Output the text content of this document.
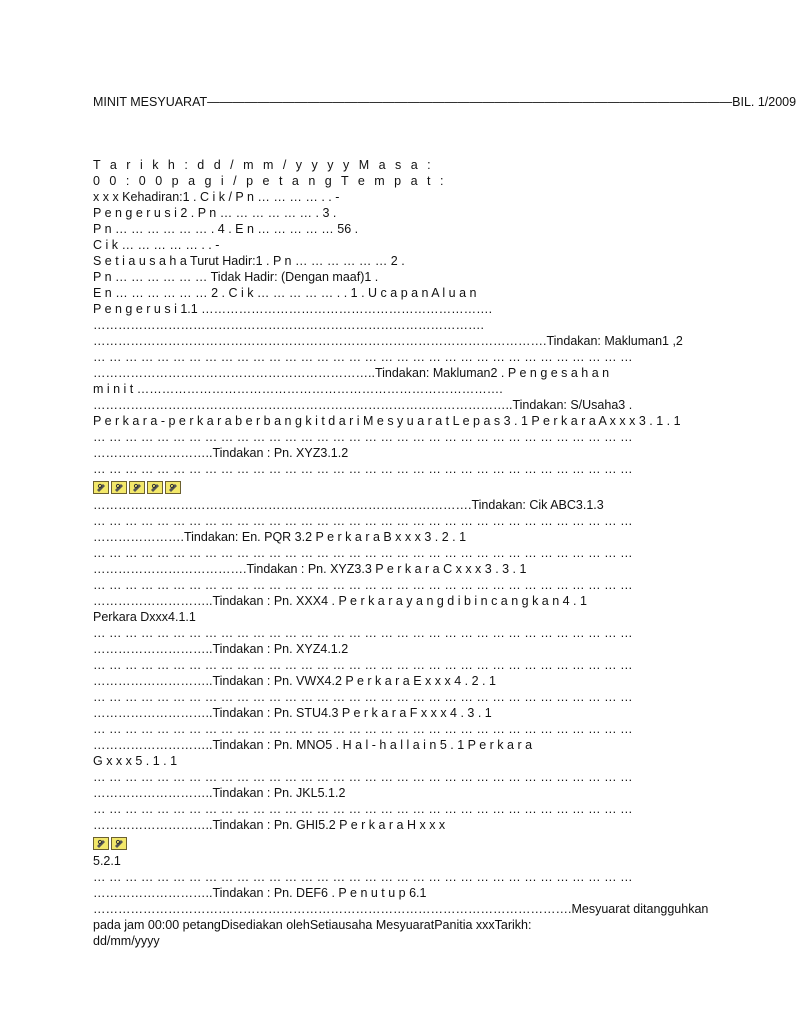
MINIT MESYUARAT——————————————————————————————————————————BIL. 1/2009
T a r i k h : d d / m m / y y y y M a s a :
0 0 : 0 0 p a g i / p e t a n g T e m p a t :
x x x Kehadiran:1 . C i k / P n … … … … . . -
P e n g e r u s i 2 . P n … … … … … … . 3 .
P n … … … … … … . 4 . E n … … … … … 56 .
C i k … … … … … . . -
S e t i a u s a h a Turut Hadir:1 . P n … … … … … … 2 .
P n … … … … … … Tidak Hadir: (Dengan maaf)1 .
E n … … … … … … 2 . C i k … … … … … . . 1 . U c a p a n A l u a n
P e n g e r u s i 1.1 …………………………………………………………….
………………………………………………………………………………….
……………………………………………………………………………………………….Tindakan: Makluman1 ,2
… … … … … … … … … … … … … … … … … … … … … … … … … … … … … … … … … …
…………………………………………………………..Tindakan: Makluman2 . P e n g e s a h a n
m i n i t …………………………………………………………………………….
………………………………………………………………………………………..Tindakan: S/Usaha3 .
P e r k a r a - p e r k a r a b e r b a n g k i t d a r i M e s y u a r a t L e p a s 3 . 1 P e r k a r a A x x x 3 . 1 . 1
… … … … … … … … … … … … … … … … … … … … … … … … … … … … … … … … … …
………………………..Tindakan : Pn. XYZ3.1.2
… … … … … … … … … … … … … … … … … … … … … … … … … … … … … … … … … …
……………………………………………………………………………….Tindakan: Cik ABC3.1.3
… … … … … … … … … … … … … … … … … … … … … … … … … … … … … … … … … …
………………….Tindakan: En. PQR 3.2 P e r k a r a B x x x 3 . 2 . 1
… … … … … … … … … … … … … … … … … … … … … … … … … … … … … … … … … …
……………………………….Tindakan : Pn. XYZ3.3 P e r k a r a C x x x 3 . 3 . 1
… … … … … … … … … … … … … … … … … … … … … … … … … … … … … … … … … …
………………………..Tindakan : Pn. XXX4 . P e r k a r a y a n g d i b i n c a n g k a n 4 . 1
Perkara Dxxx4.1.1
… … … … … … … … … … … … … … … … … … … … … … … … … … … … … … … … … …
………………………..Tindakan : Pn. XYZ4.1.2
… … … … … … … … … … … … … … … … … … … … … … … … … … … … … … … … … …
………………………..Tindakan : Pn. VWX4.2 P e r k a r a E x x x 4 . 2 . 1
… … … … … … … … … … … … … … … … … … … … … … … … … … … … … … … … … …
………………………..Tindakan : Pn. STU4.3 P e r k a r a F x x x 4 . 3 . 1
… … … … … … … … … … … … … … … … … … … … … … … … … … … … … … … … … …
………………………..Tindakan : Pn. MNO5 . H a l - h a l l a i n 5 . 1 P e r k a r a
G x x x 5 . 1 . 1
… … … … … … … … … … … … … … … … … … … … … … … … … … … … … … … … … …
………………………..Tindakan : Pn. JKL5.1.2
… … … … … … … … … … … … … … … … … … … … … … … … … … … … … … … … … …
………………………..Tindakan : Pn. GHI5.2 P e r k a r a H x x x
5.2.1
… … … … … … … … … … … … … … … … … … … … … … … … … … … … … … … … … …
………………………..Tindakan : Pn. DEF6 . P e n u t u p 6.1
…………………………………………………………………………………………………….Mesyuarat ditangguhkan
pada jam 00:00 petangDisediakan olehSetiausaha MesyuaratPanitia xxxTarikh:
dd/mm/yyyy
